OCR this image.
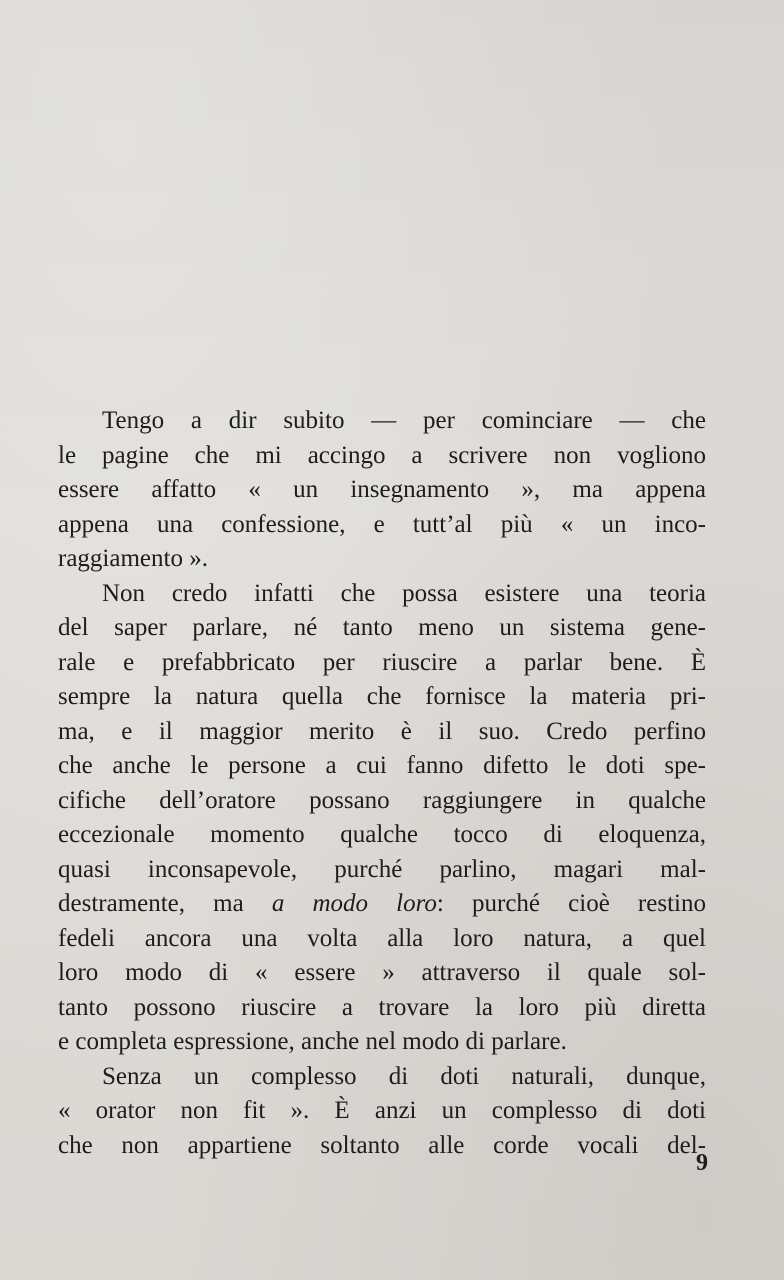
Tengo a dir subito — per cominciare — che
le pagine che mi accingo a scrivere non vogliono
essere affatto « un insegnamento », ma appena
appena una confessione, e tutt’al più « un inco-
raggiamento ».
Non credo infatti che possa esistere una teoria
del saper parlare, né tanto meno un sistema gene-
rale e prefabbricato per riuscire a parlar bene. È
sempre la natura quella che fornisce la materia pri-
ma, e il maggior merito è il suo. Credo perfino
che anche le persone a cui fanno difetto le doti spe-
cifiche dell’oratore possano raggiungere in qualche
eccezionale momento qualche tocco di eloquenza,
quasi inconsapevole, purché parlino, magari mal-
destramente, ma a modo loro: purché cioè restino
fedeli ancora una volta alla loro natura, a quel
loro modo di « essere » attraverso il quale sol-
tanto possono riuscire a trovare la loro più diretta
e completa espressione, anche nel modo di parlare.
Senza un complesso di doti naturali, dunque,
« orator non fit ». È anzi un complesso di doti
che non appartiene soltanto alle corde vocali del-
9
